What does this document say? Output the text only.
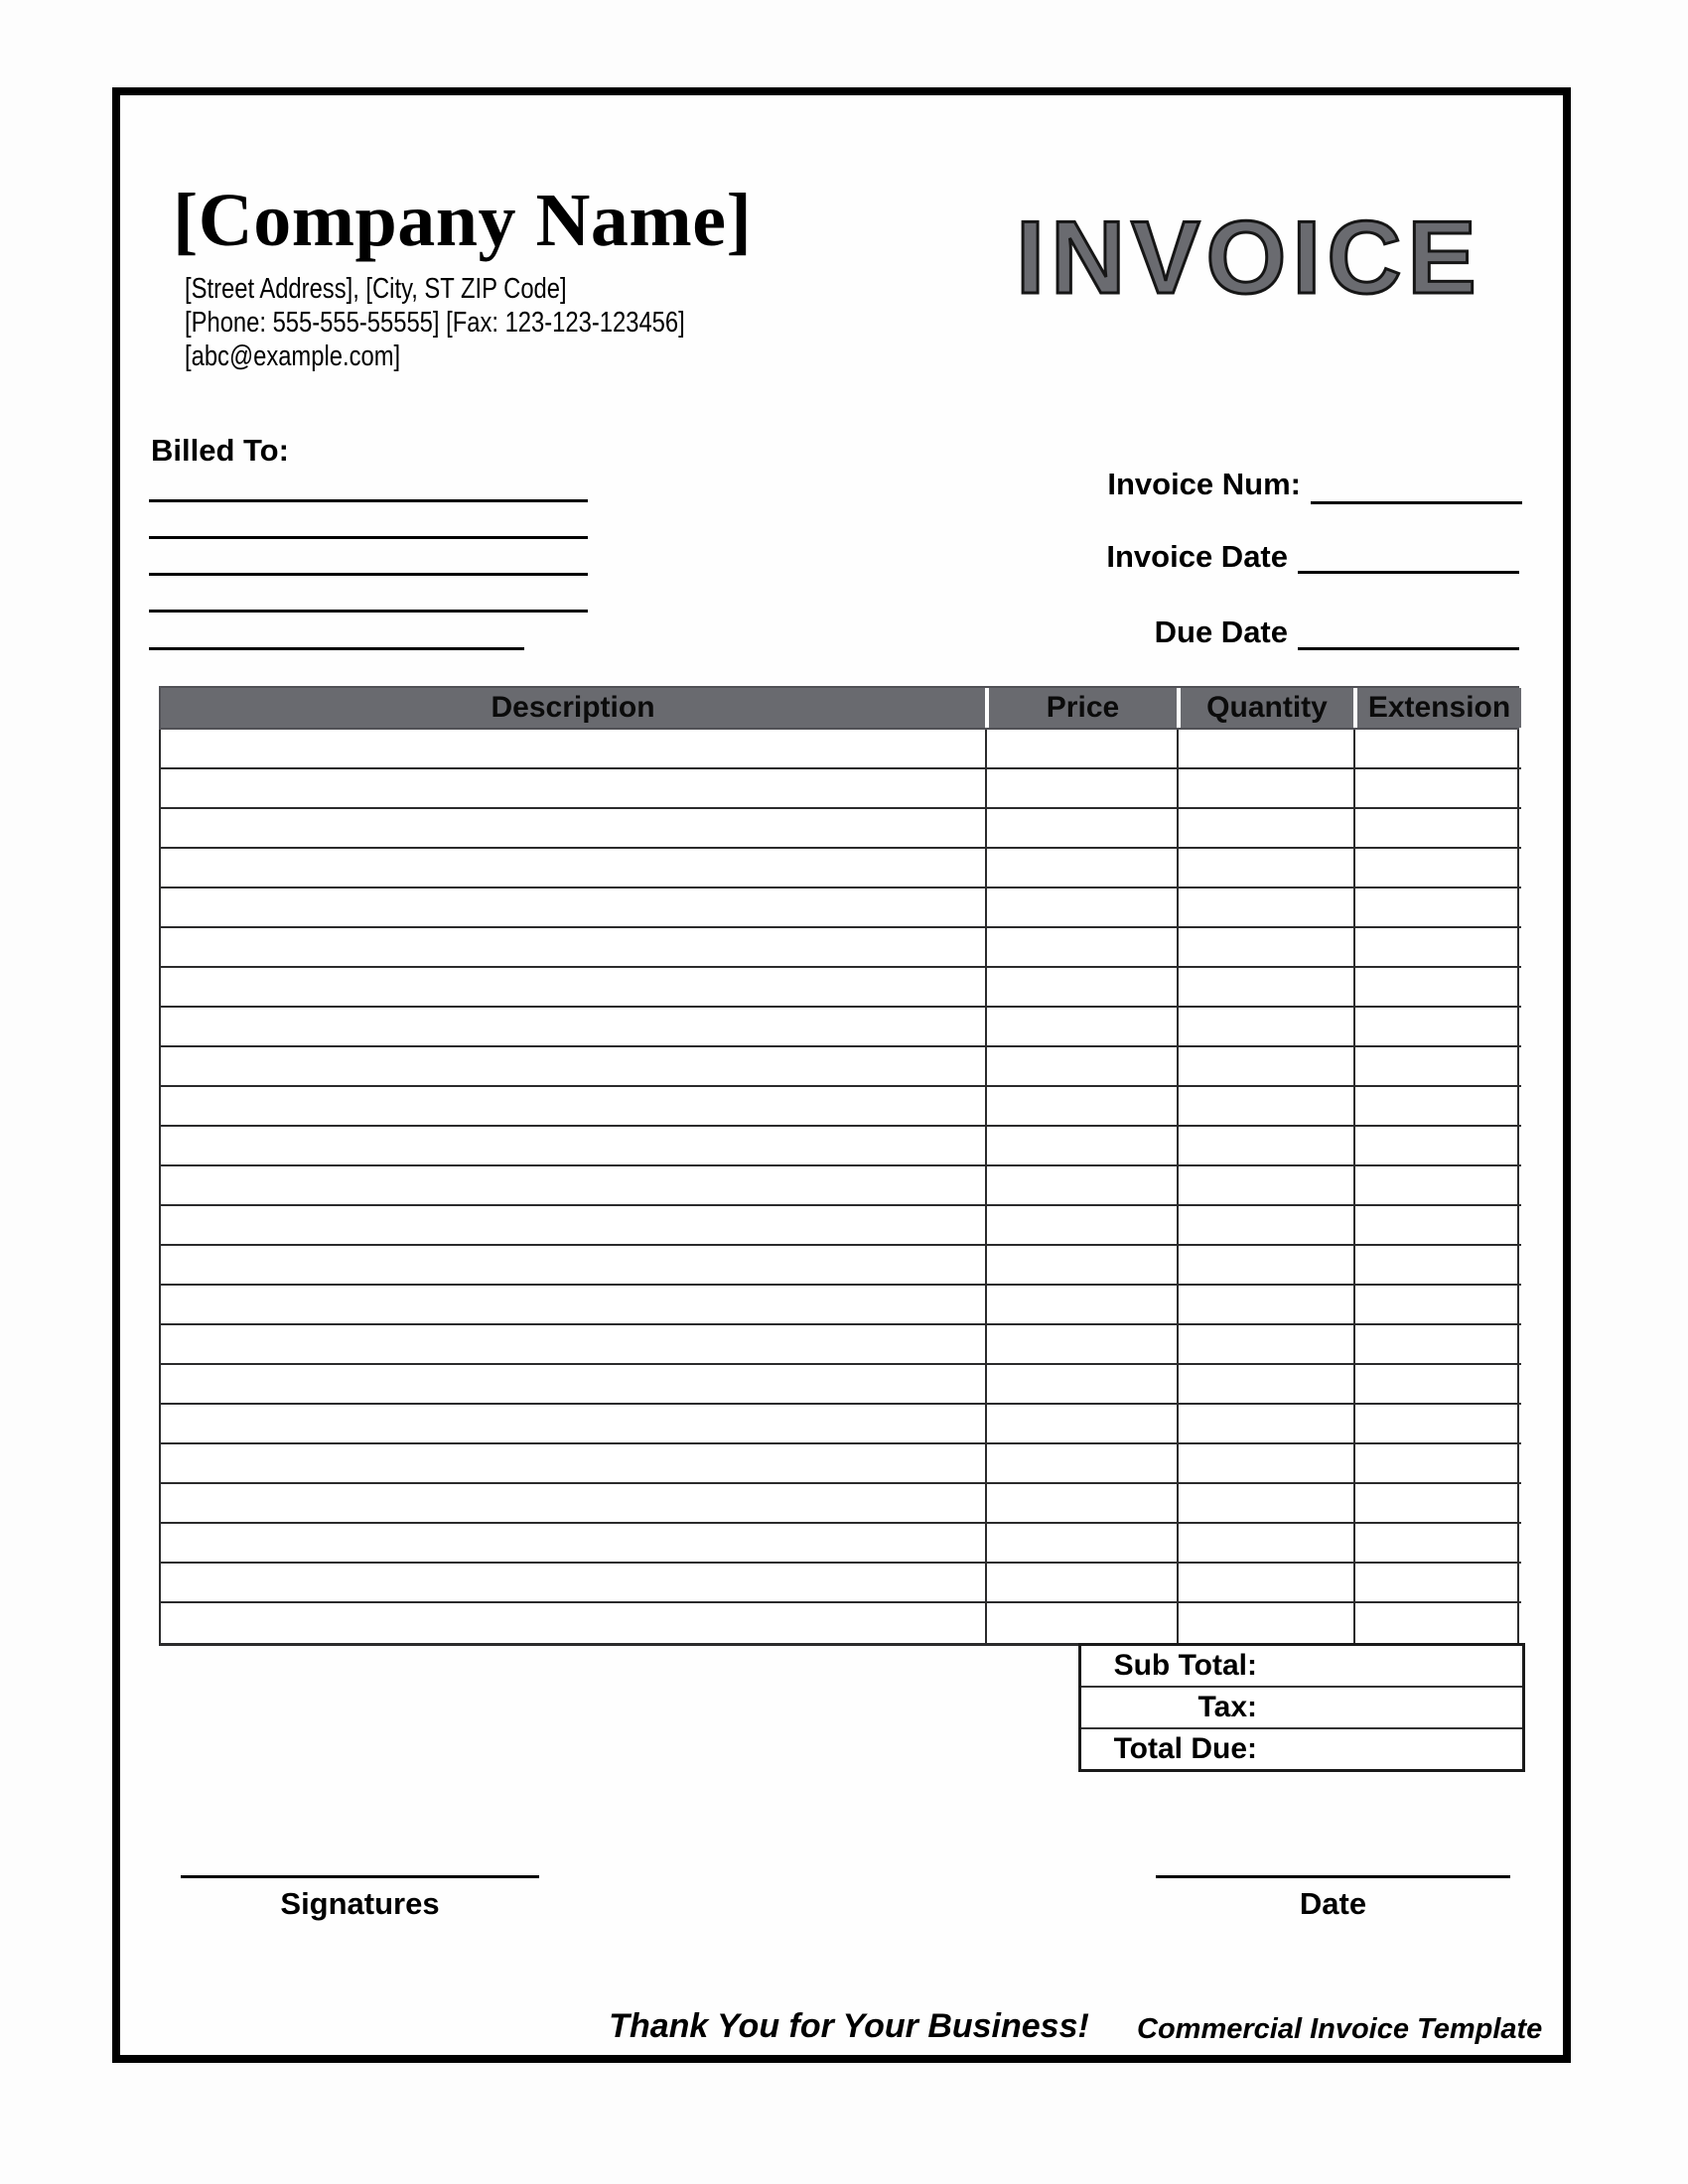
[Company Name]
[Street Address], [City, ST ZIP Code]
[Phone: 555-555-55555] [Fax: 123-123-123456]
[abc@example.com]
INVOICE
Billed To:
Invoice Num:
Invoice Date
Due Date
Description	Price	Quantity	Extension
Sub Total:
Tax:
Total Due:
Signatures	Date
Thank You for Your Business!	Commercial Invoice Template
